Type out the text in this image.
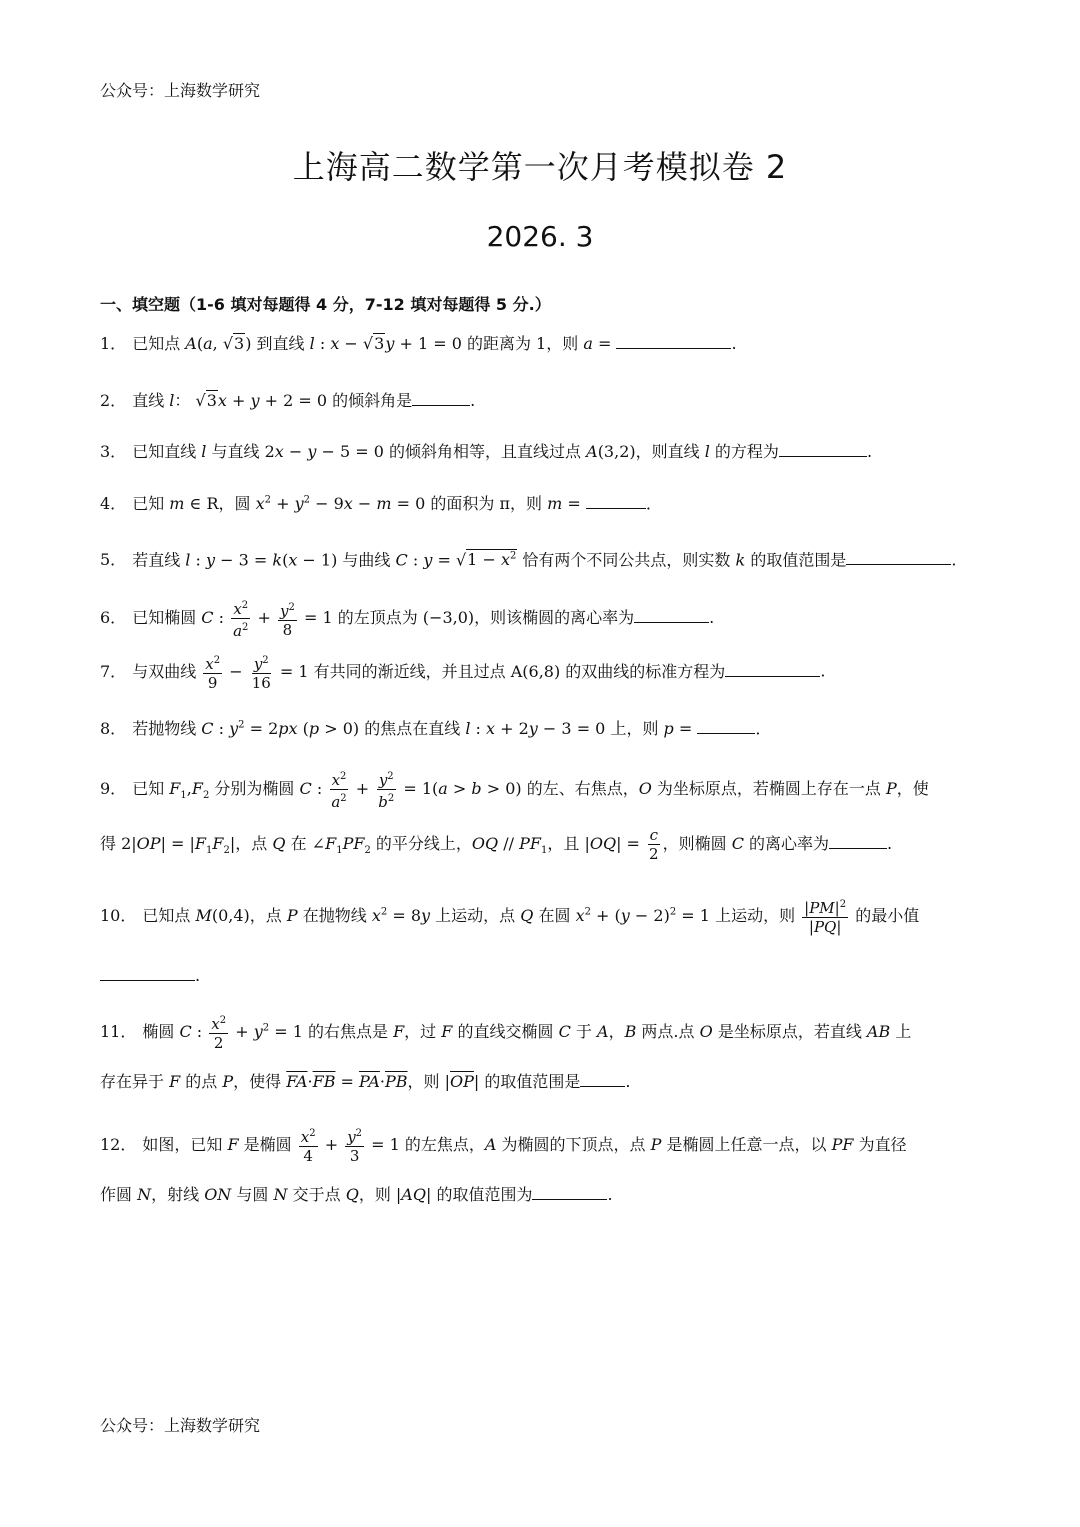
公众号：上海数学研究
上海高二数学第一次月考模拟卷 2
2026. 3
一、填空题（1-6 填对每题得 4 分，7-12 填对每题得 5 分.）
1． 已知点 A(a, √3) 到直线 l : x − √3y + 1 = 0 的距离为 1，则 a =	.
2． 直线 l： √3x + y + 2 = 0 的倾斜角是	.
3． 已知直线 l 与直线 2x − y − 5 = 0 的倾斜角相等，且直线过点 A(3,2)，则直线 l 的方程为	.
4． 已知 m ∈ R，圆 $x^2 + y^2 - 9x - m = 0$ 的面积为 π，则 m =	.
5． 若直线 l : y − 3 = k(x − 1) 与曲线 C : $y = √1 - x^2$ 恰有两个不同公共点，则实数 k 的取值范围是	.
6． 已知椭圆 C : $\frac{x^2}{a^2} + \frac{y^2}{8} = 1$ 的左顶点为 (−3,0)，则该椭圆的离心率为	.
7． 与双曲线 $\frac{x^2}{9} - \frac{y^2}{16} = 1$ 有共同的渐近线，并且过点 A(6,8) 的双曲线的标准方程为	.
8． 若抛物线 C : $y^2 = 2px$ (p > 0) 的焦点在直线 l : x + 2y − 3 = 0 上，则 p =	.
9． 已知 $F_1,F_2$ 分别为椭圆 C : $\frac{x^2}{a^2} + \frac{y^2}{b^2} = 1(a > b > 0)$ 的左、右焦点，O 为坐标原点，若椭圆上存在一点 P，使
得 $2|OP| = |F_1F_2|$，点 Q 在 $\angle F_1PF_2$ 的平分线上，OQ // $PF_1$，且 $|OQ| = \frac{c}{2}$ ，则椭圆 C 的离心率为	.
10． 已知点 M(0,4)，点 P 在抛物线 $x^2 = 8y$ 上运动，点 Q 在圆 $x^2 + (y - 2)^2 = 1$ 上运动，则 $\frac{|PM|^2}{|PQ|}$ 的最小值
.
11． 椭圆 C : $\frac{x^2}{2} + y^2 = 1$ 的右焦点是 F，过 F 的直线交椭圆 C 于 A，B 两点.点 O 是坐标原点，若直线 AB 上
存在异于 F 的点 P，使得 $\overline{FA}\cdot\overline{FB} = \overline{PA}\cdot\overline{PB}$，则 $|\overline{OP}|$ 的取值范围是	.
12． 如图，已知 F 是椭圆 $\frac{x^2}{4} + \frac{y^2}{3} = 1$ 的左焦点，A 为椭圆的下顶点，点 P 是椭圆上任意一点，以 PF 为直径
作圆 N，射线 ON 与圆 N 交于点 Q，则 |AQ| 的取值范围为	.
公众号：上海数学研究
